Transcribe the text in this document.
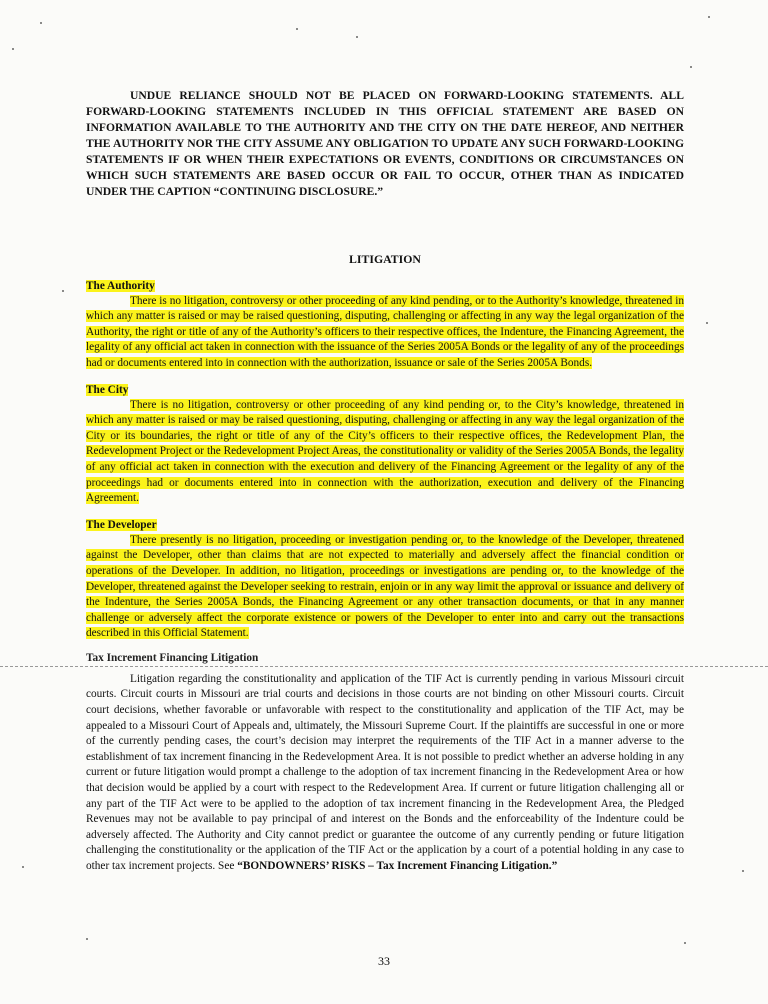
UNDUE RELIANCE SHOULD NOT BE PLACED ON FORWARD-LOOKING STATEMENTS. ALL FORWARD-LOOKING STATEMENTS INCLUDED IN THIS OFFICIAL STATEMENT ARE BASED ON INFORMATION AVAILABLE TO THE AUTHORITY AND THE CITY ON THE DATE HEREOF, AND NEITHER THE AUTHORITY NOR THE CITY ASSUME ANY OBLIGATION TO UPDATE ANY SUCH FORWARD-LOOKING STATEMENTS IF OR WHEN THEIR EXPECTATIONS OR EVENTS, CONDITIONS OR CIRCUMSTANCES ON WHICH SUCH STATEMENTS ARE BASED OCCUR OR FAIL TO OCCUR, OTHER THAN AS INDICATED UNDER THE CAPTION “CONTINUING DISCLOSURE.”

LITIGATION

The Authority

There is no litigation, controversy or other proceeding of any kind pending, or to the Authority’s knowledge, threatened in which any matter is raised or may be raised questioning, disputing, challenging or affecting in any way the legal organization of the Authority, the right or title of any of the Authority’s officers to their respective offices, the Indenture, the Financing Agreement, the legality of any official act taken in connection with the issuance of the Series 2005A Bonds or the legality of any of the proceedings had or documents entered into in connection with the authorization, issuance or sale of the Series 2005A Bonds.

The City

There is no litigation, controversy or other proceeding of any kind pending or, to the City’s knowledge, threatened in which any matter is raised or may be raised questioning, disputing, challenging or affecting in any way the legal organization of the City or its boundaries, the right or title of any of the City’s officers to their respective offices, the Redevelopment Plan, the Redevelopment Project or the Redevelopment Project Areas, the constitutionality or validity of the Series 2005A Bonds, the legality of any official act taken in connection with the execution and delivery of the Financing Agreement or the legality of any of the proceedings had or documents entered into in connection with the authorization, execution and delivery of the Financing Agreement.

The Developer

There presently is no litigation, proceeding or investigation pending or, to the knowledge of the Developer, threatened against the Developer, other than claims that are not expected to materially and adversely affect the financial condition or operations of the Developer. In addition, no litigation, proceedings or investigations are pending or, to the knowledge of the Developer, threatened against the Developer seeking to restrain, enjoin or in any way limit the approval or issuance and delivery of the Indenture, the Series 2005A Bonds, the Financing Agreement or any other transaction documents, or that in any manner challenge or adversely affect the corporate existence or powers of the Developer to enter into and carry out the transactions described in this Official Statement.

Tax Increment Financing Litigation

Litigation regarding the constitutionality and application of the TIF Act is currently pending in various Missouri circuit courts. Circuit courts in Missouri are trial courts and decisions in those courts are not binding on other Missouri courts. Circuit court decisions, whether favorable or unfavorable with respect to the constitutionality and application of the TIF Act, may be appealed to a Missouri Court of Appeals and, ultimately, the Missouri Supreme Court. If the plaintiffs are successful in one or more of the currently pending cases, the court’s decision may interpret the requirements of the TIF Act in a manner adverse to the establishment of tax increment financing in the Redevelopment Area. It is not possible to predict whether an adverse holding in any current or future litigation would prompt a challenge to the adoption of tax increment financing in the Redevelopment Area or how that decision would be applied by a court with respect to the Redevelopment Area. If current or future litigation challenging all or any part of the TIF Act were to be applied to the adoption of tax increment financing in the Redevelopment Area, the Pledged Revenues may not be available to pay principal of and interest on the Bonds and the enforceability of the Indenture could be adversely affected. The Authority and City cannot predict or guarantee the outcome of any currently pending or future litigation challenging the constitutionality or the application of the TIF Act or the application by a court of a potential holding in any case to other tax increment projects. See “BONDOWNERS’ RISKS – Tax Increment Financing Litigation.”

33
